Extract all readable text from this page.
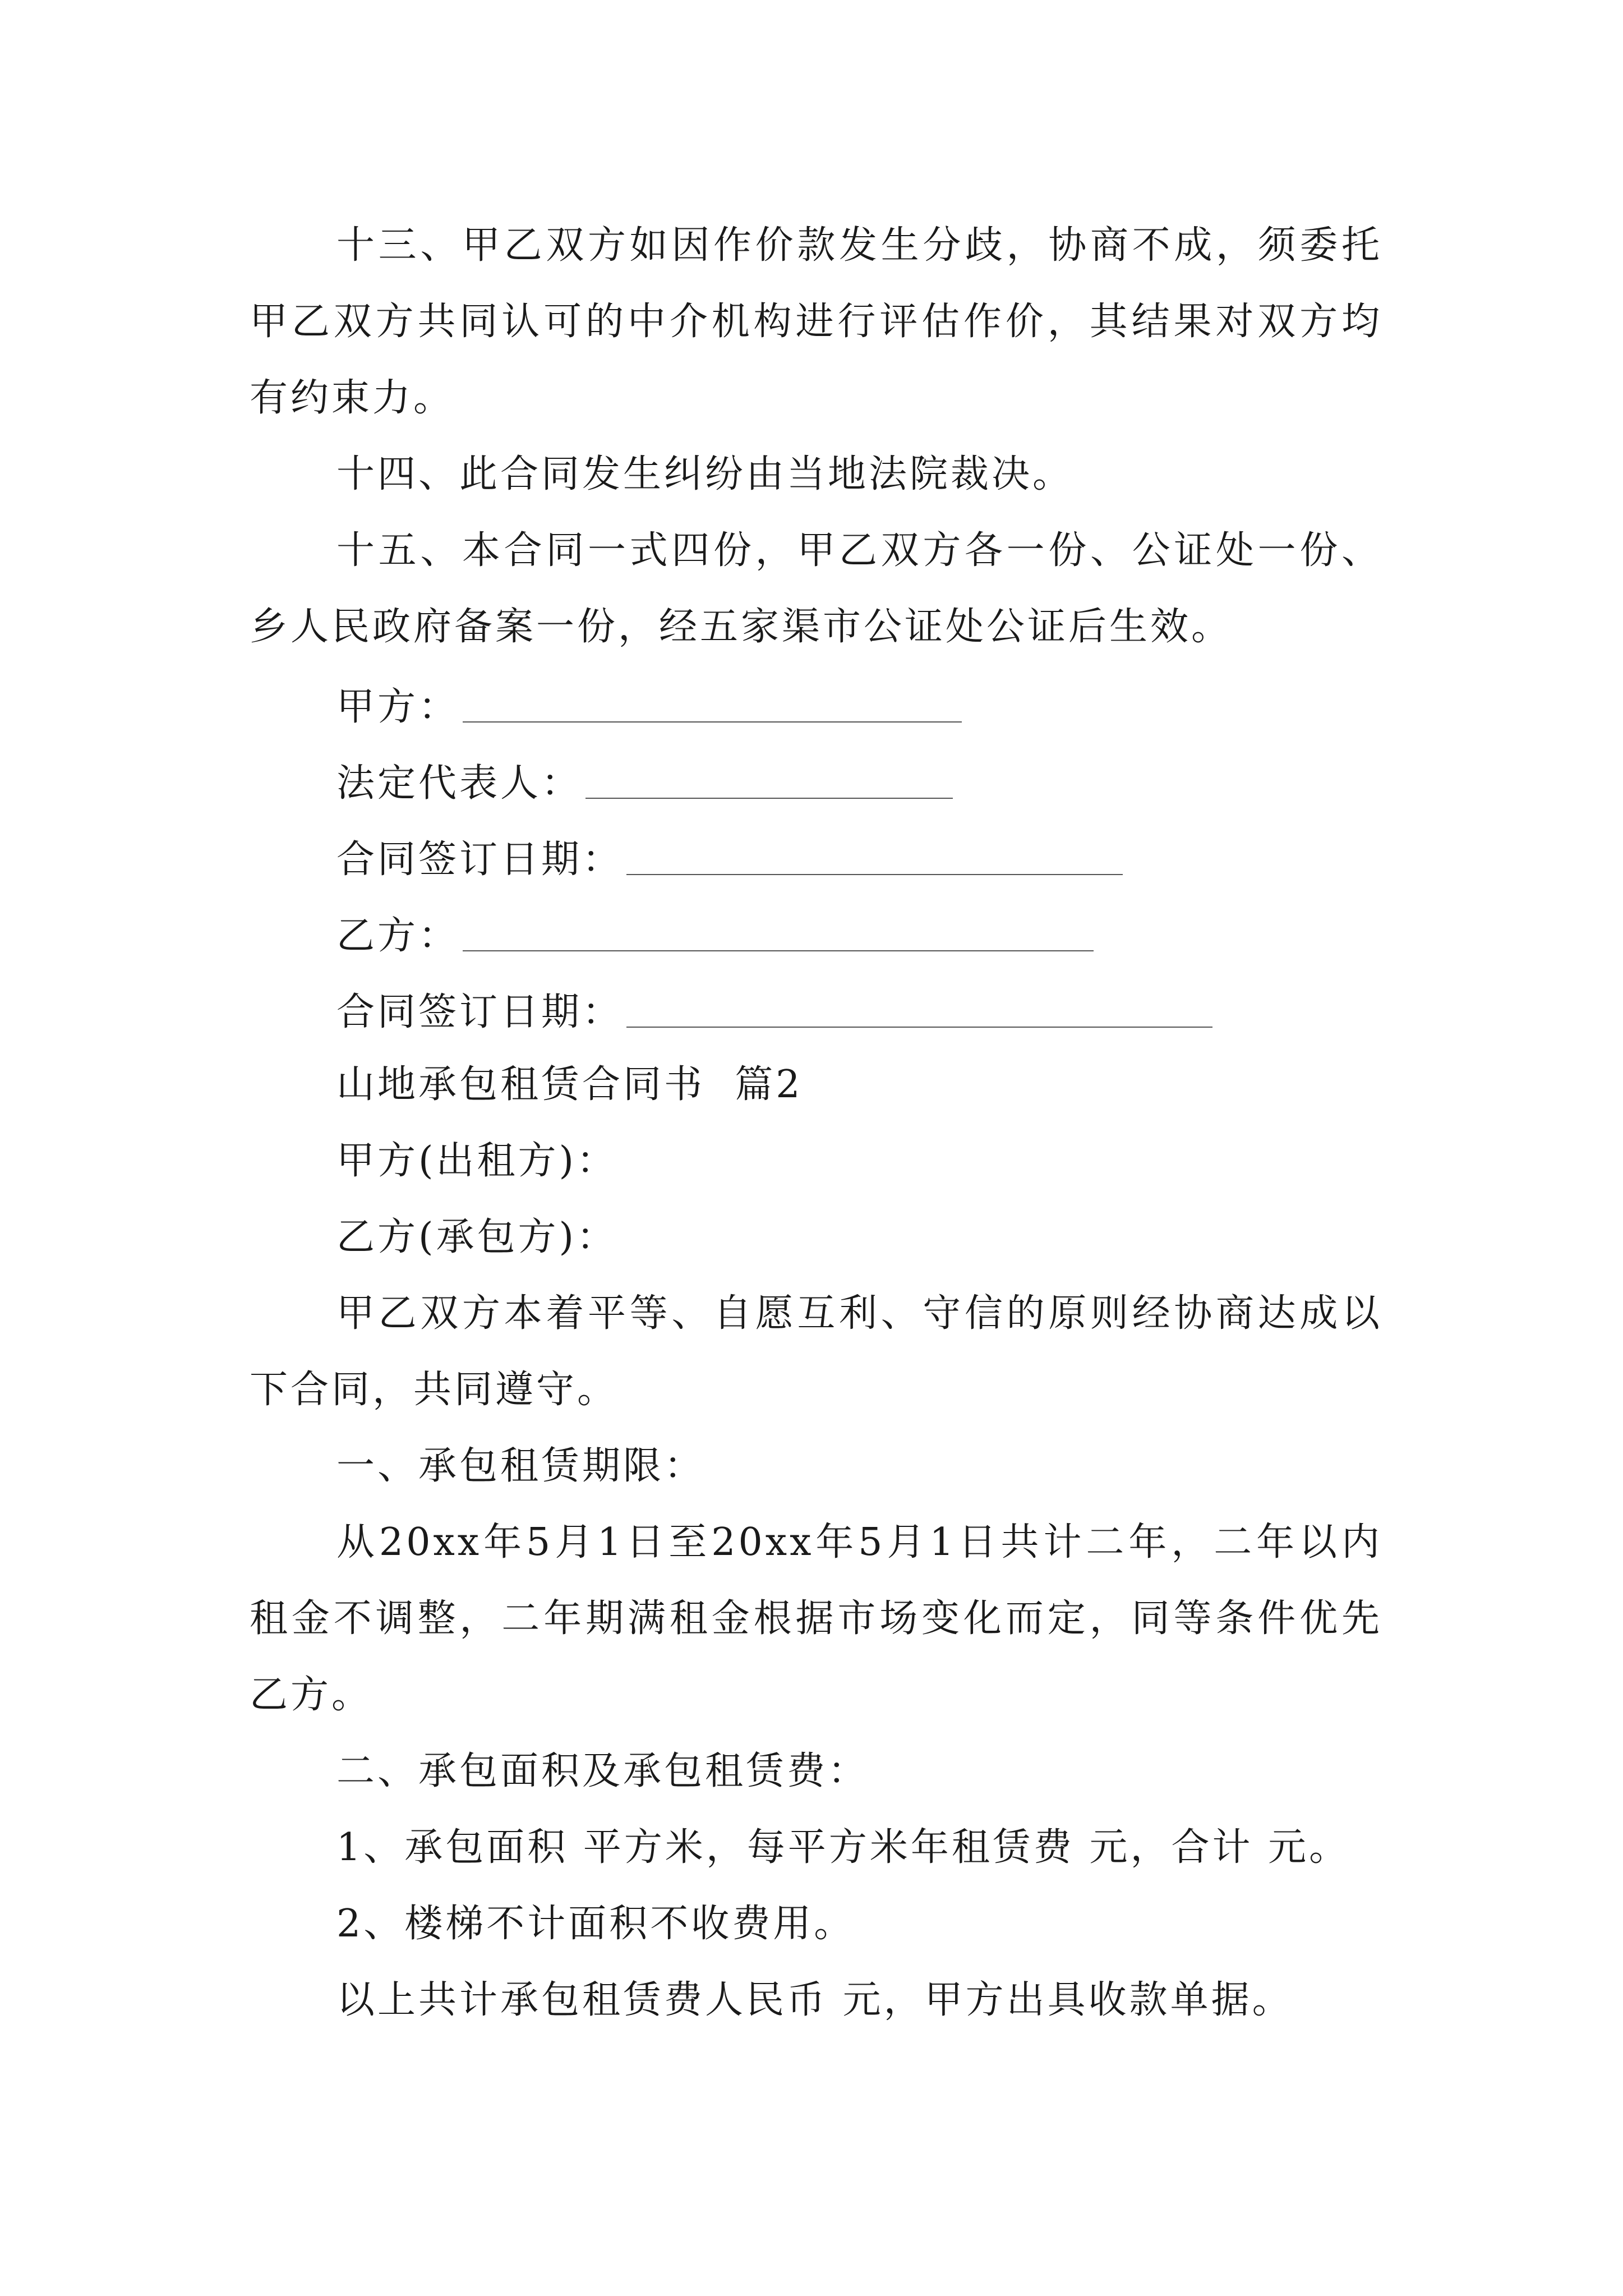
十三、甲乙双方如因作价款发生分歧，协商不成，须委托甲乙双方共同认可的中介机构进行评估作价，其结果对双方均有约束力。

十四、此合同发生纠纷由当地法院裁决。

十五、本合同一式四份，甲乙双方各一份、公证处一份、乡人民政府备案一份，经五家渠市公证处公证后生效。

甲方：
法定代表人：
合同签订日期：
乙方：
合同签订日期：

山地承包租赁合同书  篇2

甲方(出租方)：

乙方(承包方)：

甲乙双方本着平等、自愿互利、守信的原则经协商达成以下合同，共同遵守。

一、承包租赁期限：

从20xx年5月1日至20xx年5月1日共计二年，二年以内租金不调整，二年期满租金根据市场变化而定，同等条件优先乙方。

二、承包面积及承包租赁费：

1、承包面积 平方米，每平方米年租赁费 元，合计 元。

2、楼梯不计面积不收费用。

以上共计承包租赁费人民币 元，甲方出具收款单据。
